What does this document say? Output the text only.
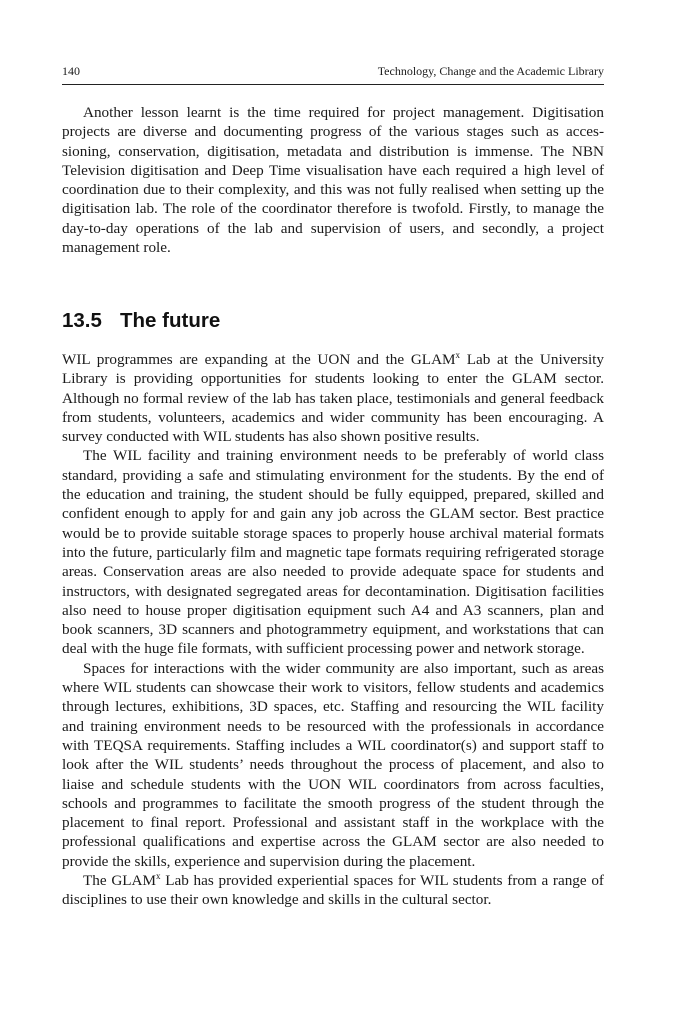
140	Technology, Change and the Academic Library

Another lesson learnt is the time required for project management. Digitisation projects are diverse and documenting progress of the various stages such as accessioning, conservation, digitisation, metadata and distribution is immense. The NBN Television digitisation and Deep Time visualisation have each required a high level of coordination due to their complexity, and this was not fully realised when setting up the digitisation lab. The role of the coordinator therefore is twofold. Firstly, to manage the day-to-day operations of the lab and supervision of users, and secondly, a project management role.

13.5 The future

WIL programmes are expanding at the UON and the GLAM$^x$ Lab at the University Library is providing opportunities for students looking to enter the GLAM sector. Although no formal review of the lab has taken place, testimonials and general feedback from students, volunteers, academics and wider community has been encouraging. A survey conducted with WIL students has also shown positive results.

The WIL facility and training environment needs to be preferably of world class standard, providing a safe and stimulating environment for the students. By the end of the education and training, the student should be fully equipped, prepared, skilled and confident enough to apply for and gain any job across the GLAM sector. Best practice would be to provide suitable storage spaces to properly house archival material formats into the future, particularly film and magnetic tape formats requiring refrigerated storage areas. Conservation areas are also needed to provide adequate space for students and instructors, with designated segregated areas for decontamination. Digitisation facilities also need to house proper digitisation equipment such A4 and A3 scanners, plan and book scanners, 3D scanners and photogrammetry equipment, and workstations that can deal with the huge file formats, with sufficient processing power and network storage.

Spaces for interactions with the wider community are also important, such as areas where WIL students can showcase their work to visitors, fellow students and academics through lectures, exhibitions, 3D spaces, etc. Staffing and resourcing the WIL facility and training environment needs to be resourced with the professionals in accordance with TEQSA requirements. Staffing includes a WIL coordinator(s) and support staff to look after the WIL students’ needs throughout the process of placement, and also to liaise and schedule students with the UON WIL coordinators from across faculties, schools and programmes to facilitate the smooth progress of the student through the placement to final report. Professional and assistant staff in the workplace with the professional qualifications and expertise across the GLAM sector are also needed to provide the skills, experience and supervision during the placement.

The GLAM$^x$ Lab has provided experiential spaces for WIL students from a range of disciplines to use their own knowledge and skills in the cultural sector.
